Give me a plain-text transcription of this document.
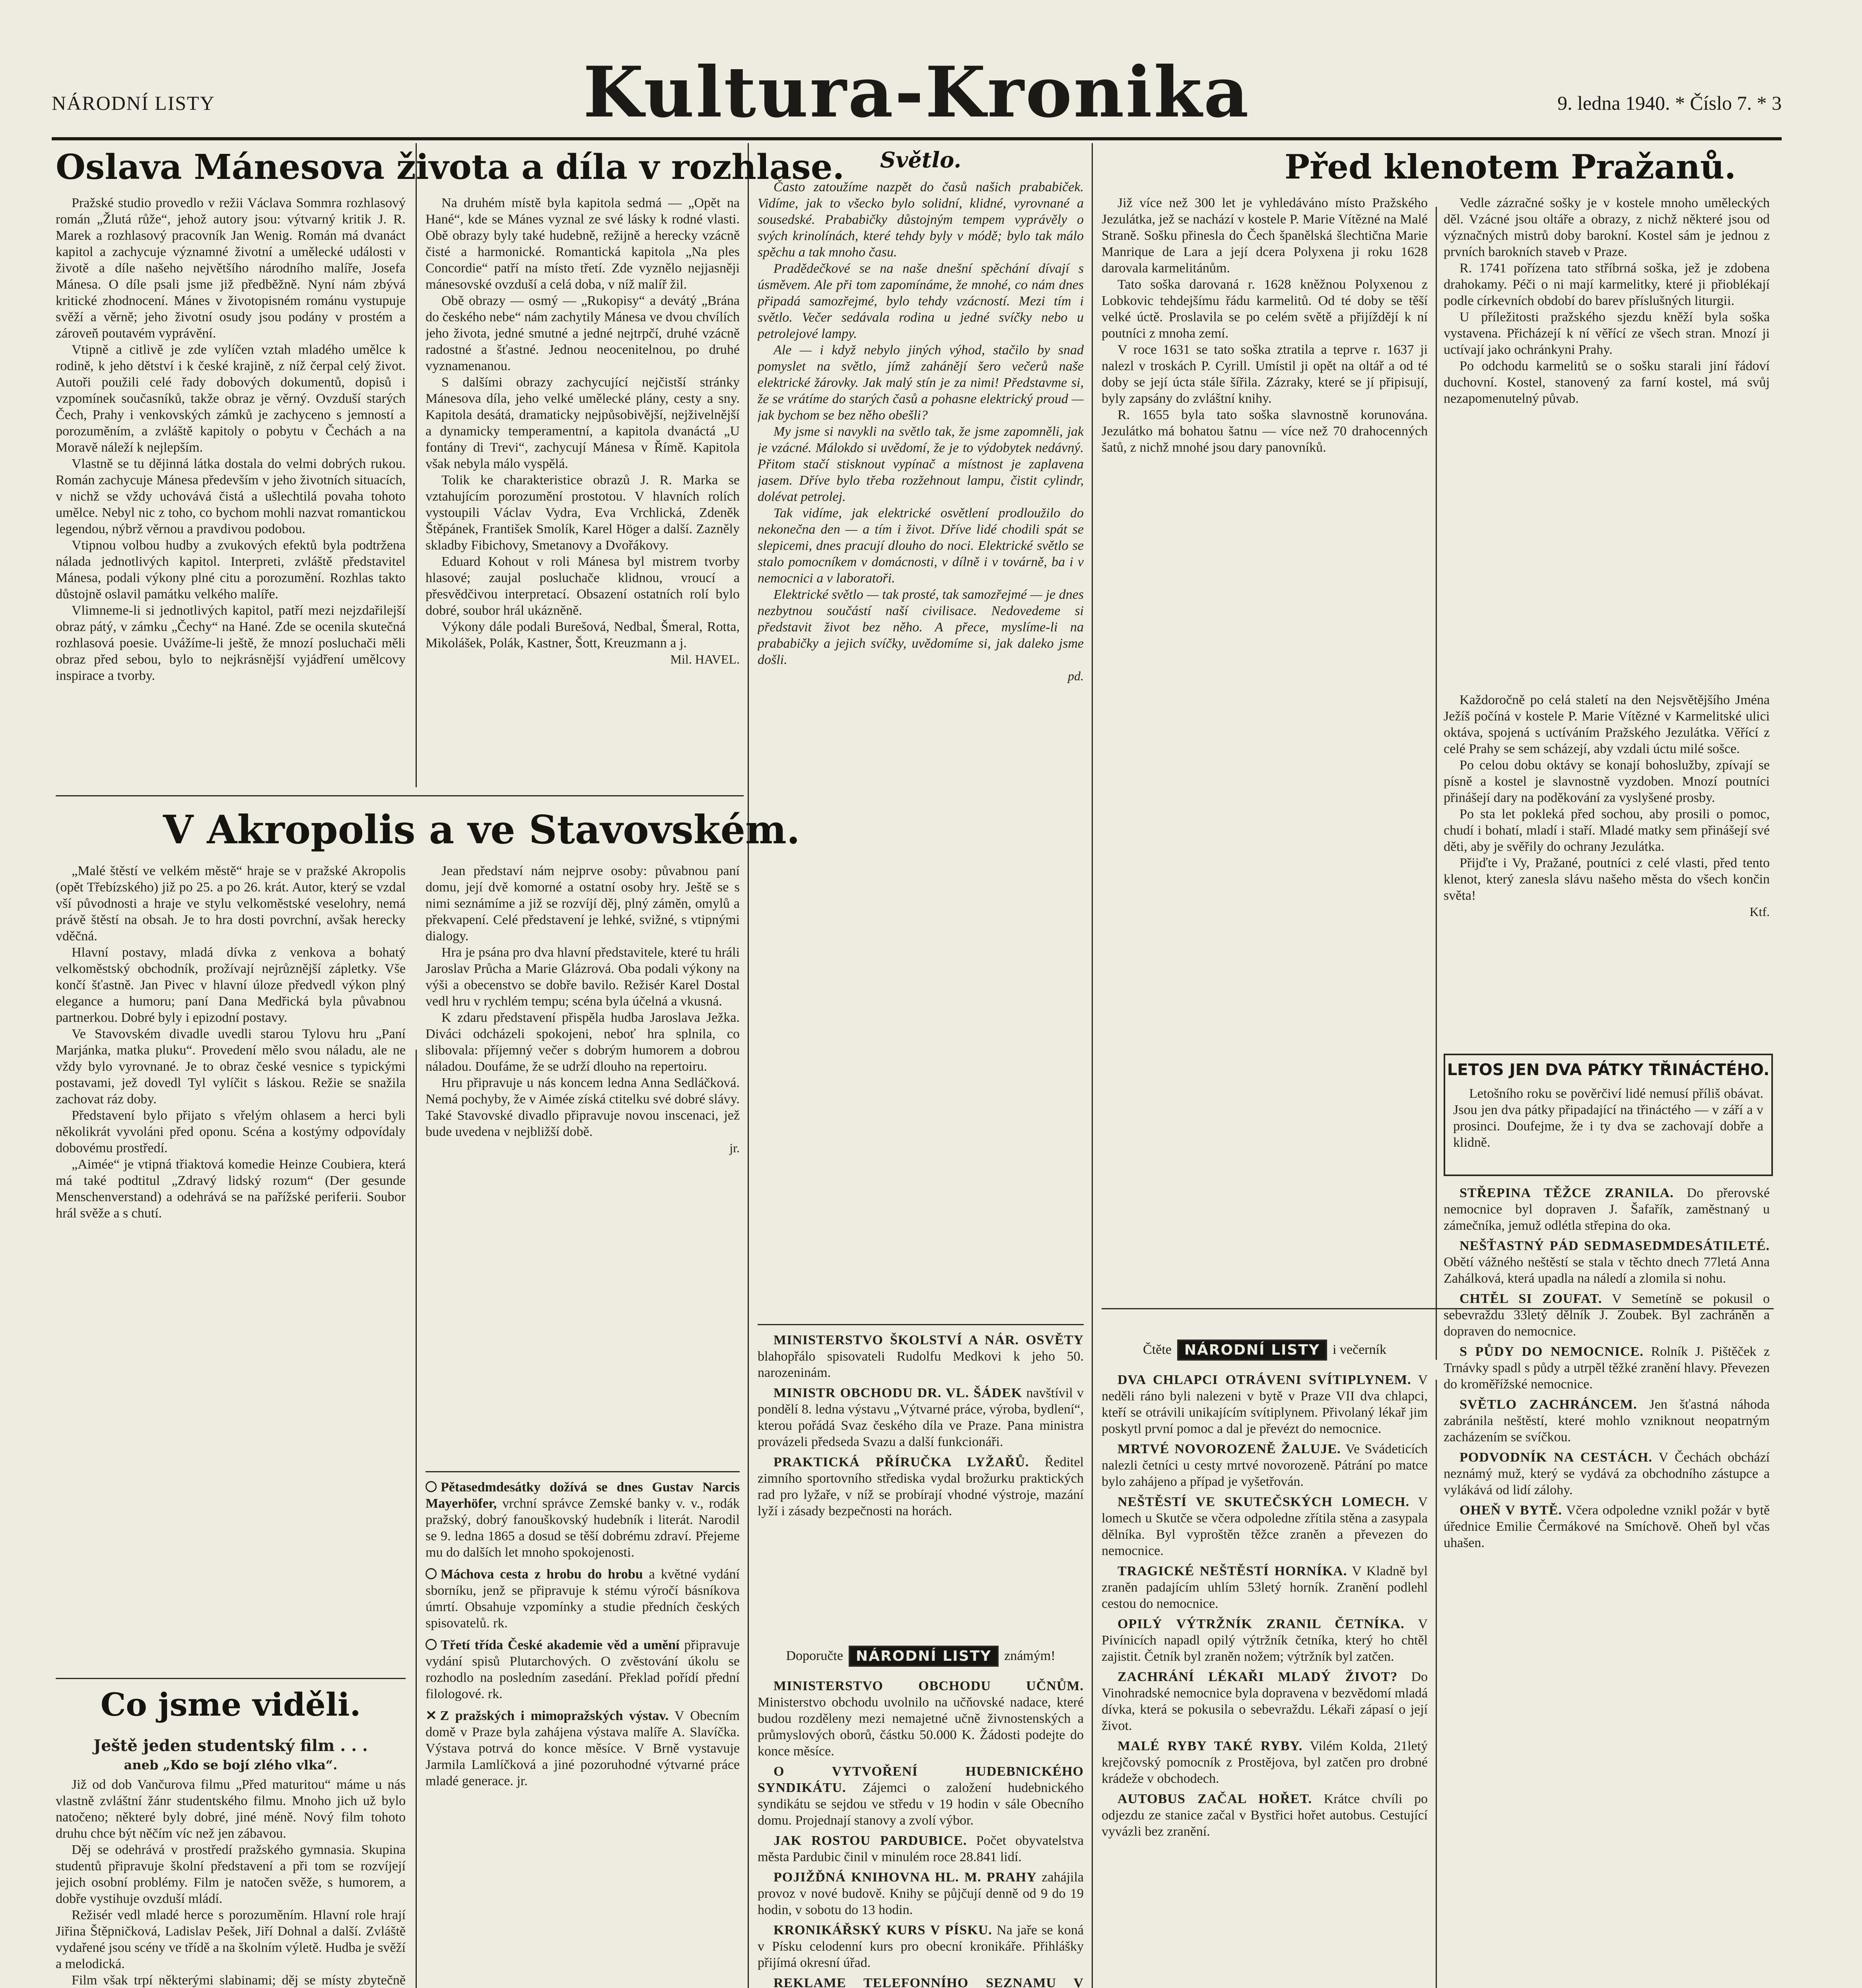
NÁRODNÍ LISTY	Kultura-Kronika	9. ledna 1940. * Číslo 7. * 3
Oslava Mánesova života a díla v rozhlase.

Pražské studio provedlo v režii Václava Sommra rozhlasový román „Žlutá růže“, jehož autory jsou: výtvarný kritik J. R. Marek a rozhlasový pracovník Jan Wenig. Román má dvanáct kapitol a zachycuje významné životní a umělecké události v životě a díle našeho největšího národního malíře, Josefa Mánesa. O díle psali jsme již předběžně. Nyní nám zbývá kritické zhodnocení. Mánes v životopisném románu vystupuje svěží a věrně; jeho životní osudy jsou podány v prostém a zároveň poutavém vyprávění.

Vtipně a citlivě je zde vylíčen vztah mladého umělce k rodině, k jeho dětství i k české krajině, z níž čerpal celý život. Autoři použili celé řady dobových dokumentů, dopisů i vzpomínek současníků, takže obraz je věrný. Ovzduší starých Čech, Prahy i venkovských zámků je zachyceno s jemností a porozuměním, a zvláště kapitoly o pobytu v Čechách a na Moravě náleží k nejlepším.

Vlastně se tu dějinná látka dostala do velmi dobrých rukou. Román zachycuje Mánesa především v jeho životních situacích, v nichž se vždy uchovává čistá a ušlechtilá povaha tohoto umělce. Nebyl nic z toho, co bychom mohli nazvat romantickou legendou, nýbrž věrnou a pravdivou podobou.

Vtipnou volbou hudby a zvukových efektů byla podtržena nálada jednotlivých kapitol. Interpreti, zvláště představitel Mánesa, podali výkony plné citu a porozumění. Rozhlas takto důstojně oslavil památku velkého malíře.

Vlimneme-li si jednotlivých kapitol, patří mezi nejzdařilejší obraz pátý, v zámku „Čechy“ na Hané. Zde se ocenila skutečná rozhlasová poesie. Uvážíme-li ještě, že mnozí posluchači měli obraz před sebou, bylo to nejkrásnější vyjádření umělcovy inspirace a tvorby.

Na druhém místě byla kapitola sedmá — „Opět na Hané“, kde se Mánes vyznal ze své lásky k rodné vlasti. Obě obrazy byly také hudebně, režijně a herecky vzácně čisté a harmonické. Romantická kapitola „Na ples Concordie“ patří na místo třetí. Zde vyznělo nejjasněji mánesovské ovzduší a celá doba, v níž malíř žil.

Obě obrazy — osmý — „Rukopisy“ a devátý „Brána do českého nebe“ nám zachytily Mánesa ve dvou chvílích jeho života, jedné smutné a jedné nejtrpčí, druhé vzácně radostné a šťastné. Jednou neocenitelnou, po druhé vyznamenanou.

S dalšími obrazy zachycující nejčistší stránky Mánesova díla, jeho velké umělecké plány, cesty a sny. Kapitola desátá, dramaticky nejpůsobivější, nejživelnější a dynamicky temperamentní, a kapitola dvanáctá „U fontány di Trevi“, zachycují Mánesa v Římě. Kapitola však nebyla málo vyspělá.

Tolik ke charakteristice obrazů J. R. Marka se vztahujícím porozumění prostotou. V hlavních rolích vystoupili Václav Vydra, Eva Vrchlická, Zdeněk Štěpánek, František Smolík, Karel Höger a další. Zazněly skladby Fibichovy, Smetanovy a Dvořákovy.

Eduard Kohout v roli Mánesa byl mistrem tvorby hlasové; zaujal posluchače klidnou, vroucí a přesvědčivou interpretací. Obsazení ostatních rolí bylo dobré, soubor hrál ukázněně.

Výkony dále podali Burešová, Nedbal, Šmeral, Rotta, Mikolášek, Polák, Kastner, Šott, Kreuzmann a j.

Mil. HAVEL.

V Akropolis a ve Stavovském.

„Malé štěstí ve velkém městě“ hraje se v pražské Akropolis (opět Třebízského) již po 25. a po 26. krát. Autor, který se vzdal vší původnosti a hraje ve stylu velkoměstské veselohry, nemá právě štěstí na obsah. Je to hra dosti povrchní, avšak herecky vděčná.

Hlavní postavy, mladá dívka z venkova a bohatý velkoměstský obchodník, prožívají nejrůznější zápletky. Vše končí šťastně. Jan Pivec v hlavní úloze předvedl výkon plný elegance a humoru; paní Dana Medřická byla půvabnou partnerkou. Dobré byly i epizodní postavy.

Ve Stavovském divadle uvedli starou Tylovu hru „Paní Marjánka, matka pluku“. Provedení mělo svou náladu, ale ne vždy bylo vyrovnané. Je to obraz české vesnice s typickými postavami, jež dovedl Tyl vylíčit s láskou. Režie se snažila zachovat ráz doby.

Představení bylo přijato s vřelým ohlasem a herci byli několikrát vyvoláni před oponu. Scéna a kostýmy odpovídaly dobovému prostředí.

„Aimée“ je vtipná třiaktová komedie Heinze Coubiera, která má také podtitul „Zdravý lidský rozum“ (Der gesunde Menschenverstand) a odehrává se na pařížské periferii. Soubor hrál svěže a s chutí.

Jean představí nám nejprve osoby: půvabnou paní domu, její dvě komorné a ostatní osoby hry. Ještě se s nimi seznámíme a již se rozvíjí děj, plný záměn, omylů a překvapení. Celé představení je lehké, svižné, s vtipnými dialogy.

Hra je psána pro dva hlavní představitele, které tu hráli Jaroslav Průcha a Marie Glázrová. Oba podali výkony na výši a obecenstvo se dobře bavilo. Režisér Karel Dostal vedl hru v rychlém tempu; scéna byla účelná a vkusná.

K zdaru představení přispěla hudba Jaroslava Ježka. Diváci odcházeli spokojeni, neboť hra splnila, co slibovala: příjemný večer s dobrým humorem a dobrou náladou. Doufáme, že se udrží dlouho na repertoiru.

Hru připravuje u nás koncem ledna Anna Sedláčková. Nemá pochyby, že v Aimée získá ctitelku své dobré slávy. Také Stavovské divadlo připravuje novou inscenaci, jež bude uvedena v nejbližší době.

jr.

Co jsme viděli.
Ještě jeden studentský film . . .
aneb „Kdo se bojí zlého vlka“.

Již od dob Vančurova filmu „Před maturitou“ máme u nás vlastně zvláštní žánr studentského filmu. Mnoho jich už bylo natočeno; některé byly dobré, jiné méně. Nový film tohoto druhu chce být něčím víc než jen zábavou.

Děj se odehrává v prostředí pražského gymnasia. Skupina studentů připravuje školní představení a při tom se rozvíjejí jejich osobní problémy. Film je natočen svěže, s humorem, a dobře vystihuje ovzduší mládí.

Režisér vedl mladé herce s porozuměním. Hlavní role hrají Jiřina Štěpničková, Ladislav Pešek, Jiří Dohnal a další. Zvláště vydařené jsou scény ve třídě a na školním výletě. Hudba je svěží a melodická.

Film však trpí některými slabinami; děj se místy zbytečně

Pětasedmdesátky dožívá se dnes Gustav Narcis Mayerhöfer, vrchní správce Zemské banky v. v., rodák pražský, dobrý fanouškovský hudebník i literát. Narodil se 9. ledna 1865 a dosud se těší dobrému zdraví. Přejeme mu do dalších let mnoho spokojenosti.

Máchova cesta z hrobu do hrobu a květné vydání sborníku, jenž se připravuje k stému výročí básníkova úmrtí. Obsahuje vzpomínky a studie předních českých spisovatelů. rk.

Třetí třída České akademie věd a umění připravuje vydání spisů Plutarchových. O zvěstování úkolu se rozhodlo na posledním zasedání. Překlad pořídí přední filologové. rk.

✕ Z pražských i mimopražských výstav. V Obecním domě v Praze byla zahájena výstava malíře A. Slavíčka. Výstava potrvá do konce měsíce. V Brně vystavuje Jarmila Lamlíčková a jiné pozoruhodné výtvarné práce mladé generace. jr.

Světlo.

Často zatoužíme nazpět do časů našich prababiček. Vidíme, jak to všecko bylo solidní, klidné, vyrovnané a sousedské. Prababičky důstojným tempem vyprávěly o svých krinolínách, které tehdy byly v módě; bylo tak málo spěchu a tak mnoho času.

Pradědečkové se na naše dnešní spěchání dívají s úsměvem. Ale při tom zapomínáme, že mnohé, co nám dnes připadá samozřejmé, bylo tehdy vzácností. Mezi tím i světlo. Večer sedávala rodina u jedné svíčky nebo u petrolejové lampy.

Ale — i když nebylo jiných výhod, stačilo by snad pomyslet na světlo, jímž zahánějí šero večerů naše elektrické žárovky. Jak malý stín je za nimi! Představme si, že se vrátíme do starých časů a pohasne elektrický proud — jak bychom se bez něho obešli?

My jsme si navykli na světlo tak, že jsme zapomněli, jak je vzácné. Málokdo si uvědomí, že je to výdobytek nedávný. Přitom stačí stisknout vypínač a místnost je zaplavena jasem. Dříve bylo třeba rozžehnout lampu, čistit cylindr, dolévat petrolej.

Tak vidíme, jak elektrické osvětlení prodloužilo do nekonečna den — a tím i život. Dříve lidé chodili spát se slepicemi, dnes pracují dlouho do noci. Elektrické světlo se stalo pomocníkem v domácnosti, v dílně i v továrně, ba i v nemocnici a v laboratoři.

Elektrické světlo — tak prosté, tak samozřejmé — je dnes nezbytnou součástí naší civilisace. Nedovedeme si představit život bez něho. A přece, myslíme-li na prababičky a jejich svíčky, uvědomíme si, jak daleko jsme došli.

pd.

Před klenotem Pražanů.

Již více než 300 let je vyhledáváno místo Pražského Jezulátka, jež se nachází v kostele P. Marie Vítězné na Malé Straně. Sošku přinesla do Čech španělská šlechtična Marie Manrique de Lara a její dcera Polyxena ji roku 1628 darovala karmelitánům.

Tato soška darovaná r. 1628 kněžnou Polyxenou z Lobkovic tehdejšímu řádu karmelitů. Od té doby se těší velké úctě. Proslavila se po celém světě a přijíždějí k ní poutníci z mnoha zemí.

V roce 1631 se tato soška ztratila a teprve r. 1637 ji nalezl v troskách P. Cyrill. Umístil ji opět na oltář a od té doby se její úcta stále šířila. Zázraky, které se jí připisují, byly zapsány do zvláštní knihy.

R. 1655 byla tato soška slavnostně korunována. Jezulátko má bohatou šatnu — více než 70 drahocenných šatů, z nichž mnohé jsou dary panovníků.

Vedle zázračné sošky je v kostele mnoho uměleckých děl. Vzácné jsou oltáře a obrazy, z nichž některé jsou od význačných mistrů doby barokní. Kostel sám je jednou z prvních barokních staveb v Praze.

R. 1741 pořízena tato stříbrná soška, jež je zdobena drahokamy. Péči o ni mají karmelitky, které ji přioblékají podle církevních období do barev příslušných liturgii.

U příležitosti pražského sjezdu kněží byla soška vystavena. Přicházejí k ní věřící ze všech stran. Mnozí ji uctívají jako ochránkyni Prahy.

Po odchodu karmelitů se o sošku starali jiní řádoví duchovní. Kostel, stanovený za farní kostel, má svůj nezapomenutelný půvab.

Každoročně po celá staletí na den Nejsvětějšího Jména Ježíš počíná v kostele P. Marie Vítězné v Karmelitské ulici oktáva, spojená s uctíváním Pražského Jezulátka. Věřící z celé Prahy se sem scházejí, aby vzdali úctu milé sošce.

Po celou dobu oktávy se konají bohoslužby, zpívají se písně a kostel je slavnostně vyzdoben. Mnozí poutníci přinášejí dary na poděkování za vyslyšené prosby.

Po sta let pokleká před sochou, aby prosili o pomoc, chudí i bohatí, mladí i staří. Mladé matky sem přinášejí své děti, aby je svěřily do ochrany Jezulátka.

Přijďte i Vy, Pražané, poutníci z celé vlasti, před tento klenot, který zanesla slávu našeho města do všech končin světa!

Ktf.

MINISTERSTVO ŠKOLSTVÍ A NÁR. OSVĚTY blahopřálo spisovateli Rudolfu Medkovi k jeho 50. narozeninám.

MINISTR OBCHODU DR. VL. ŠÁDEK navštívil v pondělí 8. ledna výstavu „Výtvarné práce, výroba, bydlení“, kterou pořádá Svaz českého díla ve Praze. Pana ministra provázeli předseda Svazu a další funkcionáři.

PRAKTICKÁ PŘÍRUČKA LYŽAŘŮ. Ředitel zimního sportovního střediska vydal brožurku praktických rad pro lyžaře, v níž se probírají vhodné výstroje, mazání lyží i zásady bezpečnosti na horách.

Doporučte NÁRODNÍ LISTY známým!

MINISTERSTVO OBCHODU UČNŮM. Ministerstvo obchodu uvolnilo na učňovské nadace, které budou rozděleny mezi nemajetné učně živnostenských a průmyslových oborů, částku 50.000 K. Žádosti podejte do konce měsíce.

O VYTVOŘENÍ HUDEBNICKÉHO SYNDIKÁTU. Zájemci o založení hudebnického syndikátu se sejdou ve středu v 19 hodin v sále Obecního domu. Projednají stanovy a zvolí výbor.

JAK ROSTOU PARDUBICE. Počet obyvatelstva města Pardubic činil v minulém roce 28.841 lidí.

POJIŽĎNÁ KNIHOVNA HL. M. PRAHY zahájila provoz v nové budově. Knihy se půjčují denně od 9 do 19 hodin, v sobotu do 13 hodin.

KRONIKÁŘSKÝ KURS V PÍSKU. Na jaře se koná v Písku celodenní kurs pro obecní kronikáře. Přihlášky přijímá okresní úřad.

REKLAME TELEFONNÍHO SEZNAMU V

Čtěte NÁRODNÍ LISTY i večerník

DVA CHLAPCI OTRÁVENI SVÍTIPLYNEM. V neděli ráno byli nalezeni v bytě v Praze VII dva chlapci, kteří se otrávili unikajícím svítiplynem. Přivolaný lékař jim poskytl první pomoc a dal je převézt do nemocnice.

MRTVÉ NOVOROZENĚ ŽALUJE. Ve Svádeticích nalezli četníci u cesty mrtvé novorozeně. Pátrání po matce bylo zahájeno a případ je vyšetřován.

NEŠTĚSTÍ VE SKUTEČSKÝCH LOMECH. V lomech u Skutče se včera odpoledne zřítila stěna a zasypala dělníka. Byl vyproštěn těžce zraněn a převezen do nemocnice.

TRAGICKÉ NEŠTĚSTÍ HORNÍKA. V Kladně byl zraněn padajícím uhlím 53letý horník. Zranění podlehl cestou do nemocnice.

OPILÝ VÝTRŽNÍK ZRANIL ČETNÍKA. V Pivínicích napadl opilý výtržník četníka, který ho chtěl zajistit. Četník byl zraněn nožem; výtržník byl zatčen.

ZACHRÁNÍ LÉKAŘI MLADÝ ŽIVOT? Do Vinohradské nemocnice byla dopravena v bezvědomí mladá dívka, která se pokusila o sebevraždu. Lékaři zápasí o její život.

MALÉ RYBY TAKÉ RYBY. Vilém Kolda, 21letý krejčovský pomocník z Prostějova, byl zatčen pro drobné krádeže v obchodech.

AUTOBUS ZAČAL HOŘET. Krátce chvíli po odjezdu ze stanice začal v Bystřici hořet autobus. Cestující vyvázli bez zranění.

LETOS JEN DVA PÁTKY TŘINÁCTÉHO.

Letošního roku se pověrčiví lidé nemusí příliš obávat. Jsou jen dva pátky připadající na třináctého — v září a v prosinci. Doufejme, že i ty dva se zachovají dobře a klidně.

STŘEPINA TĚŽCE ZRANILA. Do přerovské nemocnice byl dopraven J. Šafařík, zaměstnaný u zámečníka, jemuž odlétla střepina do oka.

NEŠŤASTNÝ PÁD SEDMASEDMDESÁTILETÉ. Obětí vážného neštěstí se stala v těchto dnech 77letá Anna Zahálková, která upadla na náledí a zlomila si nohu.

CHTĚL SI ZOUFAT. V Semetíně se pokusil o sebevraždu 33letý dělník J. Zoubek. Byl zachráněn a dopraven do nemocnice.

S PŮDY DO NEMOCNICE. Rolník J. Pištěček z Trnávky spadl s půdy a utrpěl těžké zranění hlavy. Převezen do kroměřížské nemocnice.

SVĚTLO ZACHRÁNCEM. Jen šťastná náhoda zabránila neštěstí, které mohlo vzniknout neopatrným zacházením se svíčkou.

PODVODNÍK NA CESTÁCH. V Čechách obchází neznámý muž, který se vydává za obchodního zástupce a vylákává od lidí zálohy.

OHEŇ V BYTĚ. Včera odpoledne vznikl požár v bytě úřednice Emilie Čermákové na Smíchově. Oheň byl včas uhašen.
